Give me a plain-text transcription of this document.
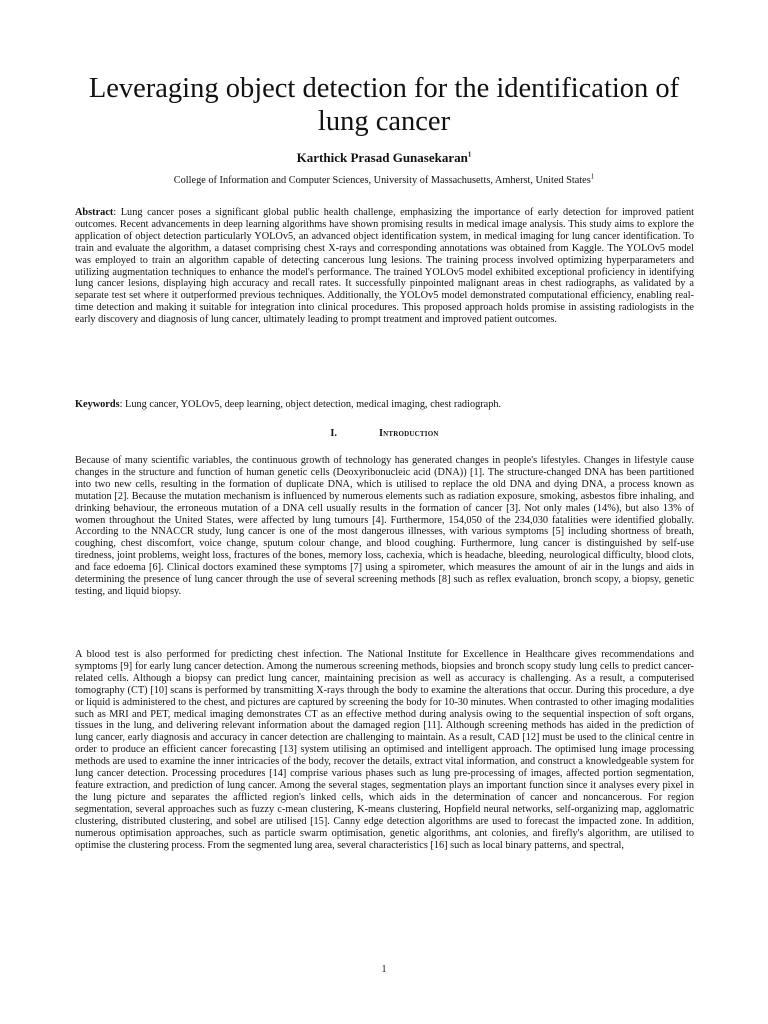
Leveraging object detection for the identification of lung cancer
Karthick Prasad Gunasekaran$^1$
College of Information and Computer Sciences, University of Massachusetts, Amherst, United States$^1$

Abstract: Lung cancer poses a significant global public health challenge, emphasizing the importance of early detection for improved patient outcomes. Recent advancements in deep learning algorithms have shown promising results in medical image analysis. This study aims to explore the application of object detection particularly YOLOv5, an advanced object identification system, in medical imaging for lung cancer identification. To train and evaluate the algorithm, a dataset comprising chest X-rays and corresponding annotations was obtained from Kaggle. The YOLOv5 model was employed to train an algorithm capable of detecting cancerous lung lesions. The training process involved optimizing hyperparameters and utilizing augmentation techniques to enhance the model's performance. The trained YOLOv5 model exhibited exceptional proficiency in identifying lung cancer lesions, displaying high accuracy and recall rates. It successfully pinpointed malignant areas in chest radiographs, as validated by a separate test set where it outperformed previous techniques. Additionally, the YOLOv5 model demonstrated computational efficiency, enabling real-time detection and making it suitable for integration into clinical procedures. This proposed approach holds promise in assisting radiologists in the early discovery and diagnosis of lung cancer, ultimately leading to prompt treatment and improved patient outcomes.

Keywords: Lung cancer, YOLOv5, deep learning, object detection, medical imaging, chest radiograph.

I.	Introduction

Because of many scientific variables, the continuous growth of technology has generated changes in people's lifestyles. Changes in lifestyle cause changes in the structure and function of human genetic cells (Deoxyribonucleic acid (DNA)) [1]. The structure-changed DNA has been partitioned into two new cells, resulting in the formation of duplicate DNA, which is utilised to replace the old DNA and dying DNA, a process known as mutation [2]. Because the mutation mechanism is influenced by numerous elements such as radiation exposure, smoking, asbestos fibre inhaling, and drinking behaviour, the erroneous mutation of a DNA cell usually results in the formation of cancer [3]. Not only males (14%), but also 13% of women throughout the United States, were affected by lung tumours [4]. Furthermore, 154,050 of the 234,030 fatalities were identified globally. According to the NNACCR study, lung cancer is one of the most dangerous illnesses, with various symptoms [5] including shortness of breath, coughing, chest discomfort, voice change, sputum colour change, and blood coughing. Furthermore, lung cancer is distinguished by self-use tiredness, joint problems, weight loss, fractures of the bones, memory loss, cachexia, which is headache, bleeding, neurological difficulty, blood clots, and face edoema [6]. Clinical doctors examined these symptoms [7] using a spirometer, which measures the amount of air in the lungs and aids in determining the presence of lung cancer through the use of several screening methods [8] such as reflex evaluation, bronch scopy, a biopsy, genetic testing, and liquid biopsy.

A blood test is also performed for predicting chest infection. The National Institute for Excellence in Healthcare gives recommendations and symptoms [9] for early lung cancer detection. Among the numerous screening methods, biopsies and bronch scopy study lung cells to predict cancer-related cells. Although a biopsy can predict lung cancer, maintaining precision as well as accuracy is challenging. As a result, a computerised tomography (CT) [10] scans is performed by transmitting X-rays through the body to examine the alterations that occur. During this procedure, a dye or liquid is administered to the chest, and pictures are captured by screening the body for 10-30 minutes. When contrasted to other imaging modalities such as MRI and PET, medical imaging demonstrates CT as an effective method during analysis owing to the sequential inspection of soft organs, tissues in the lung, and delivering relevant information about the damaged region [11]. Although screening methods has aided in the prediction of lung cancer, early diagnosis and accuracy in cancer detection are challenging to maintain. As a result, CAD [12] must be used to the clinical centre in order to produce an efficient cancer forecasting [13] system utilising an optimised and intelligent approach. The optimised lung image processing methods are used to examine the inner intricacies of the body, recover the details, extract vital information, and construct a knowledgeable system for lung cancer detection. Processing procedures [14] comprise various phases such as lung pre-processing of images, affected portion segmentation, feature extraction, and prediction of lung cancer. Among the several stages, segmentation plays an important function since it analyses every pixel in the lung picture and separates the afflicted region's linked cells, which aids in the determination of cancer and noncancerous. For region segmentation, several approaches such as fuzzy c-mean clustering, K-means clustering, Hopfield neural networks, self-organizing map, agglomatric clustering, distributed clustering, and sobel are utilised [15]. Canny edge detection algorithms are used to forecast the impacted zone. In addition, numerous optimisation approaches, such as particle swarm optimisation, genetic algorithms, ant colonies, and firefly's algorithm, are utilised to optimise the clustering process. From the segmented lung area, several characteristics [16] such as local binary patterns, and spectral,

1
